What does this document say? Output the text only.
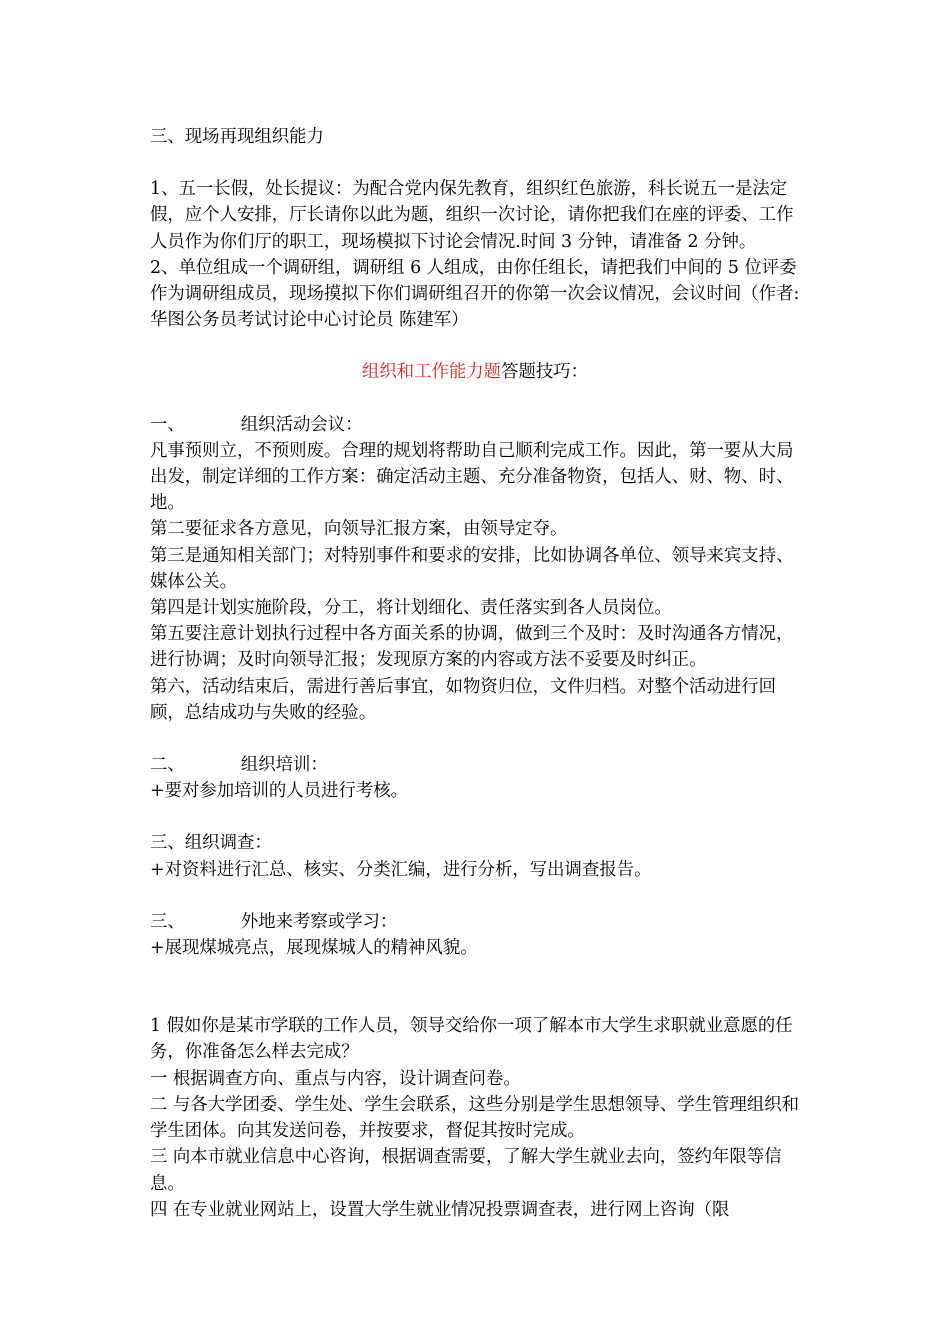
三、现场再现组织能力

1、五一长假，处长提议：为配合党内保先教育，组织红色旅游，科长说五一是法定假，应个人安排，厅长请你以此为题，组织一次讨论，请你把我们在座的评委、工作人员作为你们厅的职工，现场模拟下讨论会情况.时间 3 分钟，请准备 2 分钟。

2、单位组成一个调研组，调研组 6 人组成，由你任组长，请把我们中间的 5 位评委作为调研组成员，现场摸拟下你们调研组召开的你第一次会议情况，会议时间（作者:华图公务员考试讨论中心讨论员 陈建军）

组织和工作能力题答题技巧：

一、	组织活动会议：

凡事预则立，不预则废。合理的规划将帮助自己顺利完成工作。因此，第一要从大局出发，制定详细的工作方案：确定活动主题、充分准备物资，包括人、财、物、时、地。

第二要征求各方意见，向领导汇报方案，由领导定夺。

第三是通知相关部门；对特别事件和要求的安排，比如协调各单位、领导来宾支持、媒体公关。

第四是计划实施阶段，分工，将计划细化、责任落实到各人员岗位。

第五要注意计划执行过程中各方面关系的协调，做到三个及时：及时沟通各方情况，进行协调；及时向领导汇报；发现原方案的内容或方法不妥要及时纠正。

第六，活动结束后，需进行善后事宜，如物资归位，文件归档。对整个活动进行回顾，总结成功与失败的经验。

二、	组织培训：

+要对参加培训的人员进行考核。

三、组织调查：

+对资料进行汇总、核实、分类汇编，进行分析，写出调查报告。

三、	外地来考察或学习：

+展现煤城亮点，展现煤城人的精神风貌。

1 假如你是某市学联的工作人员，领导交给你一项了解本市大学生求职就业意愿的任务，你准备怎么样去完成？

一 根据调查方向、重点与内容，设计调查问卷。

二 与各大学团委、学生处、学生会联系，这些分别是学生思想领导、学生管理组织和学生团体。向其发送问卷，并按要求，督促其按时完成。

三 向本市就业信息中心咨询，根据调查需要，了解大学生就业去向，签约年限等信息。

四 在专业就业网站上，设置大学生就业情况投票调查表，进行网上咨询（限
